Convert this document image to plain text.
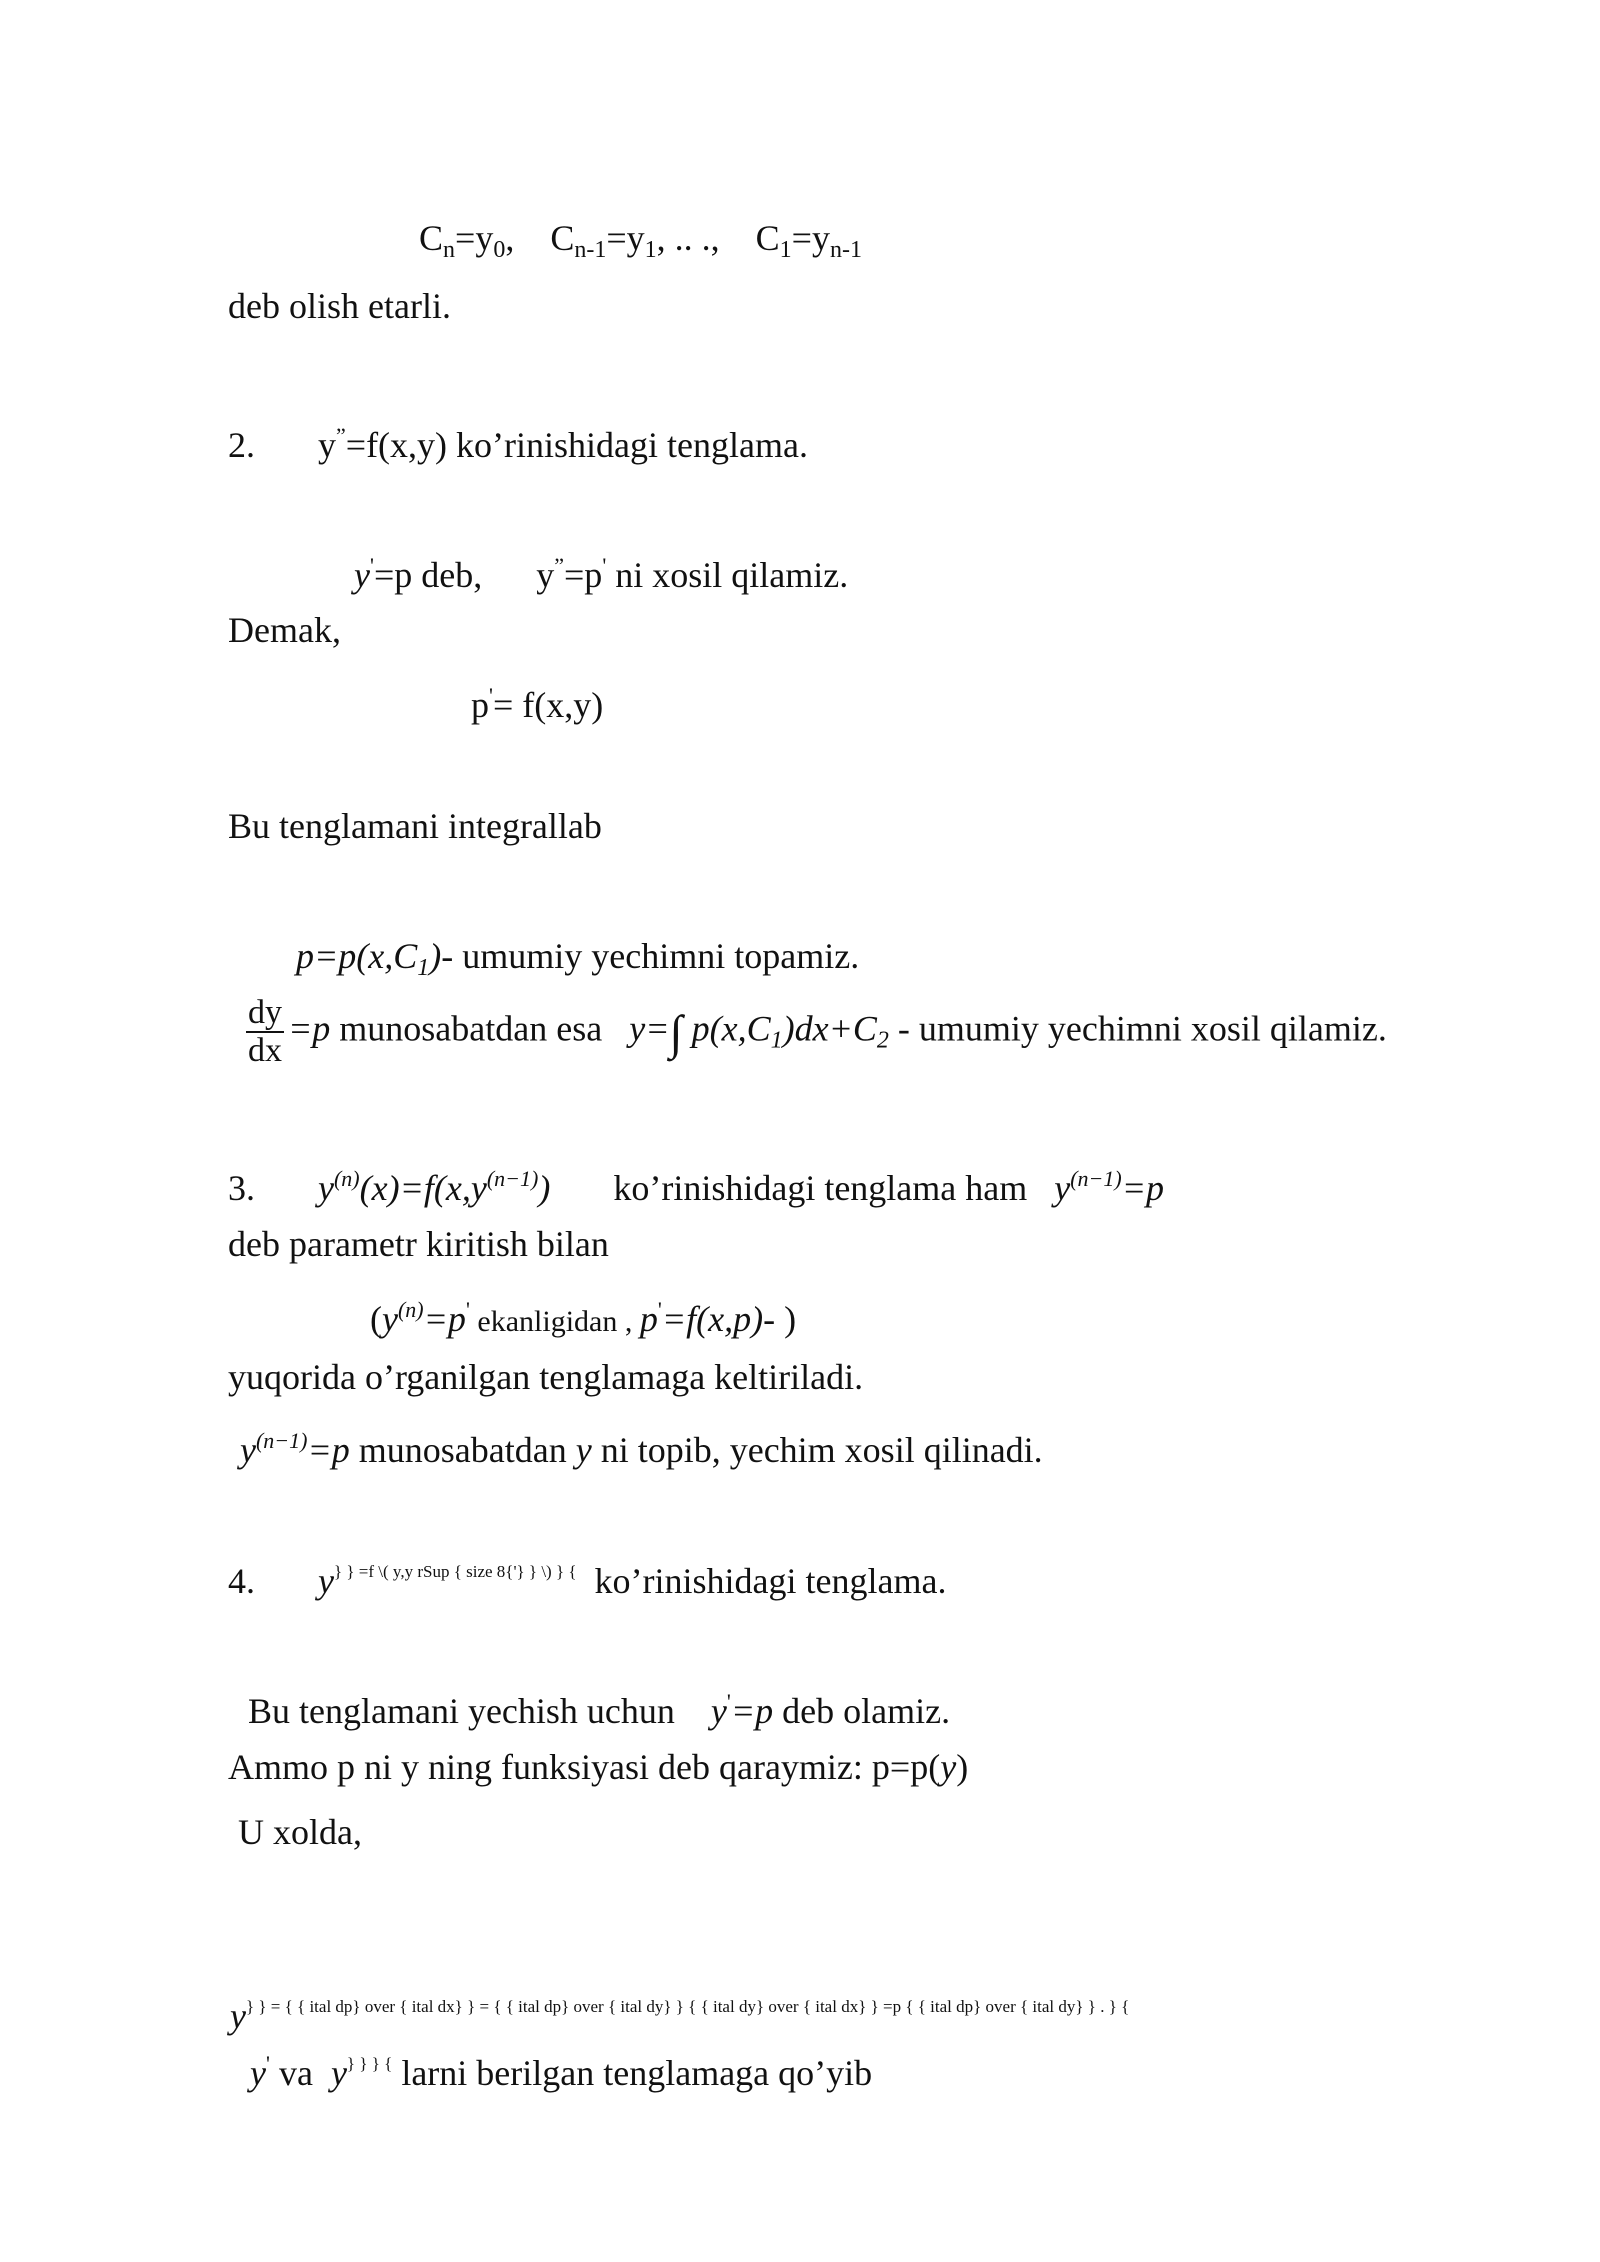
$C_n=y_0$, $C_{n-1}=y_1$, .. ., $C_1=y_{n-1}$
deb olish etarli.
2. y”=f(x,y) ko’rinishidagi tenglama.
y'=p deb, y”=p' ni xosil qilamiz.
Demak,
p'= f(x,y)
Bu tenglamani integrallab
$p=p(x,C_1)-$ umumiy yechimni topamiz.
$\frac{dy}{dx} =p$ munosabatdan esa y=∫ $p(x,C_1)dx+C_2$ - umumiy yechimni xosil qilamiz.
3. $y^{(n)}(x)=f(x,y^{(n-1)})$ ko’rinishidagi tenglama ham $y^{(n-1)}=p$
deb parametr kiritish bilan
($y^{(n)}=p'$ ekanligidan , p'=f(x,p)- )
yuqorida o’rganilgan tenglamaga keltiriladi.
$y^{(n-1)}=p$ munosabatdan y ni topib, yechim xosil qilinadi.
4. $y^{\} \} =f \backslash( y,y rSup \{ size 8\{'\} \} \backslash) \} \{}$ ko’rinishidagi tenglama.
Bu tenglamani yechish uchun y'=p deb olamiz.
Ammo p ni y ning funksiyasi deb qaraymiz: p=p(y)
U xolda,
$y^{\} \} = \{ \{ ital dp\} over \{ ital dx\} \} = \{ \{ ital dp\} over \{ ital dy\} \} \{ \{ ital dy\} over \{ ital dx\} \} =p \{ \{ ital dp\} over \{ ital dy\} \} . \} \{}$
y' va  y} } } { larni berilgan tenglamaga qo’yib
